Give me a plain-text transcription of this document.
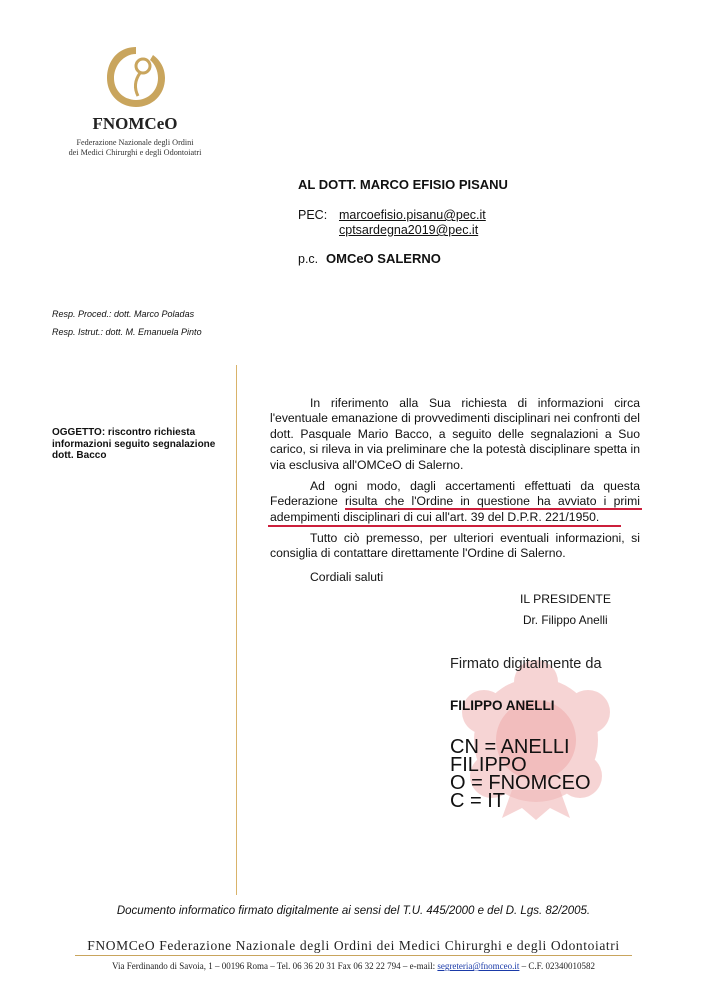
FNOMCeO
Federazione Nazionale degli Ordini
dei Medici Chirurghi e degli Odontoiatri
AL DOTT. MARCO EFISIO PISANU
PEC: marcoefisio.pisanu@pec.it
cptsardegna2019@pec.it
p.c. OMCeO SALERNO
Resp. Proced.: dott. Marco Poladas
Resp. Istrut.: dott. M. Emanuela Pinto
OGGETTO: riscontro richiesta informazioni seguito segnalazione dott. Bacco
In riferimento alla Sua richiesta di informazioni circa l'eventuale emanazione di provvedimenti disciplinari nei confronti del dott. Pasquale Mario Bacco, a seguito delle segnalazioni a Suo carico, si rileva in via preliminare che la potestà disciplinare spetta in via esclusiva all'OMCeO di Salerno.
Ad ogni modo, dagli accertamenti effettuati da questa Federazione risulta che l'Ordine in questione ha avviato i primi adempimenti disciplinari di cui all'art. 39 del D.P.R. 221/1950.
Tutto ciò premesso, per ulteriori eventuali informazioni, si consiglia di contattare direttamente l'Ordine di Salerno.
Cordiali saluti
IL PRESIDENTE
Dr. Filippo Anelli
Firmato digitalmente da
FILIPPO ANELLI
CN = ANELLI
FILIPPO
O = FNOMCEO
C = IT
Documento informatico firmato digitalmente ai sensi del T.U. 445/2000 e del D. Lgs. 82/2005.
FNOMCeO Federazione Nazionale degli Ordini dei Medici Chirurghi e degli Odontoiatri
Via Ferdinando di Savoia, 1 – 00196 Roma – Tel. 06 36 20 31 Fax 06 32 22 794 – e-mail: segreteria@fnomceo.it – C.F. 02340010582
